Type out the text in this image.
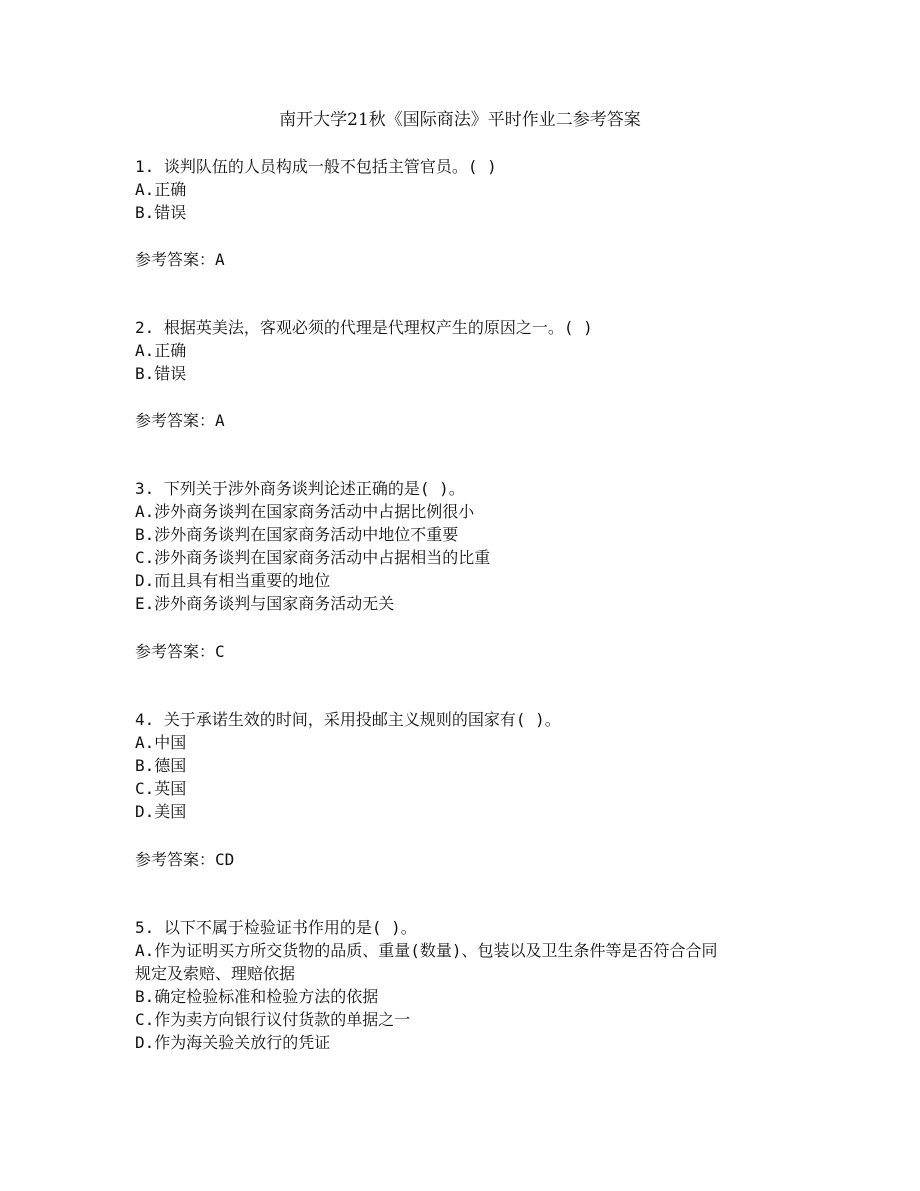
南开大学21秋《国际商法》平时作业二参考答案
1. 谈判队伍的人员构成一般不包括主管官员。( )
A.正确
B.错误
参考答案：A
2. 根据英美法，客观必须的代理是代理权产生的原因之一。( )
A.正确
B.错误
参考答案：A
3. 下列关于涉外商务谈判论述正确的是( )。
A.涉外商务谈判在国家商务活动中占据比例很小
B.涉外商务谈判在国家商务活动中地位不重要
C.涉外商务谈判在国家商务活动中占据相当的比重
D.而且具有相当重要的地位
E.涉外商务谈判与国家商务活动无关
参考答案：C
4. 关于承诺生效的时间，采用投邮主义规则的国家有( )。
A.中国
B.德国
C.英国
D.美国
参考答案：CD
5. 以下不属于检验证书作用的是( )。
A.作为证明买方所交货物的品质、重量(数量)、包装以及卫生条件等是否符合合同
规定及索赔、理赔依据
B.确定检验标准和检验方法的依据
C.作为卖方向银行议付货款的单据之一
D.作为海关验关放行的凭证
